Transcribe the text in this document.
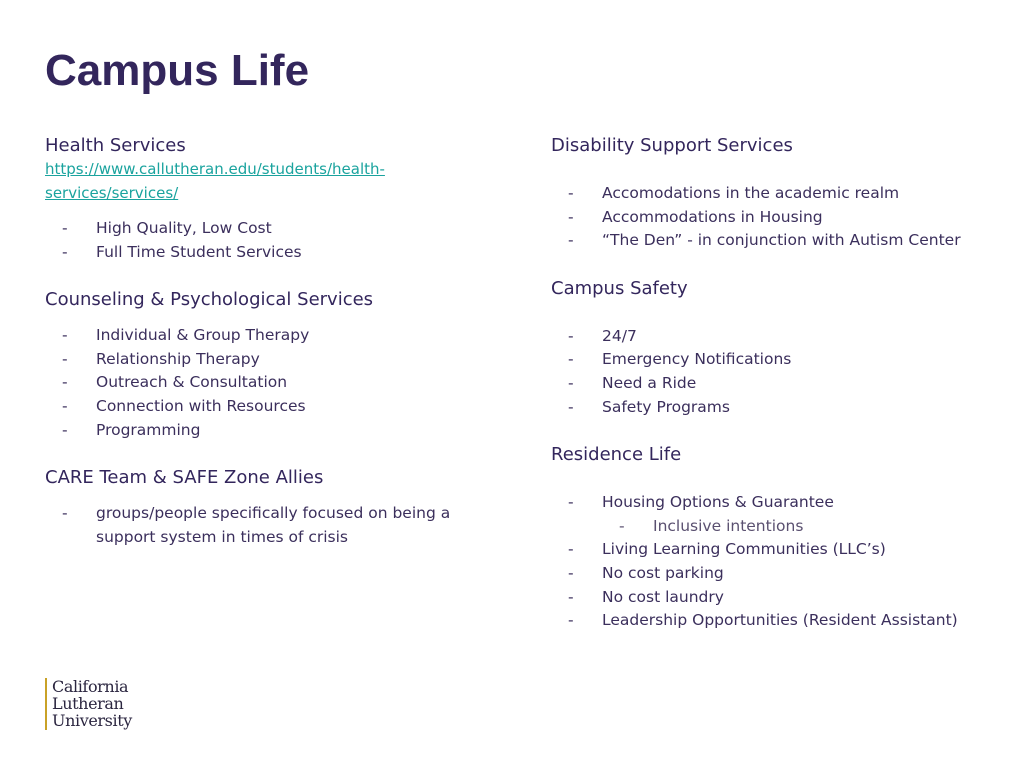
Campus Life

Health Services

https://www.callutheran.edu/students/health-services/services/
- High Quality, Low Cost
- Full Time Student Services

Counseling & Psychological Services

- Individual & Group Therapy
- Relationship Therapy
- Outreach & Consultation
- Connection with Resources
- Programming

CARE Team & SAFE Zone Allies

- groups/people specifically focused on being a support system in times of crisis

Disability Support Services

- Accomodations in the academic realm
- Accommodations in Housing
- “The Den” - in conjunction with Autism Center

Campus Safety

- 24/7
- Emergency Notifications
- Need a Ride
- Safety Programs

Residence Life

- Housing Options & Guarantee
- Inclusive intentions
- Living Learning Communities (LLC’s)
- No cost parking
- No cost laundry
- Leadership Opportunities (Resident Assistant)
California
Lutheran
University
